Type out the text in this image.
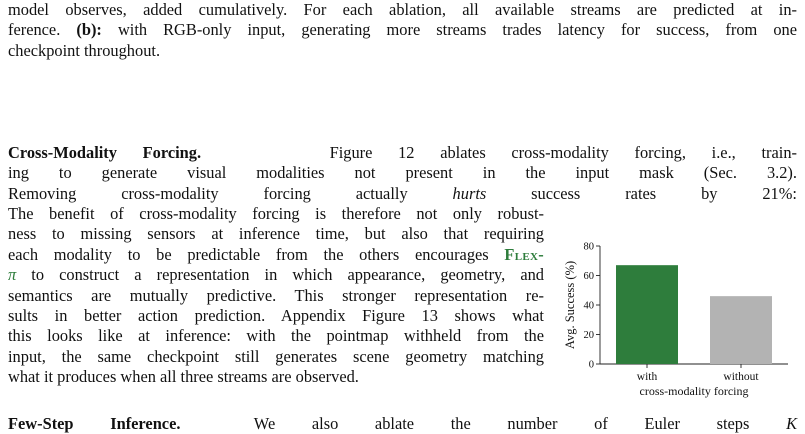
model observes, added cumulatively. For each ablation, all available streams are predicted at in-
ference. (b): with RGB-only input, generating more streams trades latency for success, from one
checkpoint throughout.
Cross-Modality Forcing.	Figure 12 ablates cross-modality forcing, i.e., train-
ing to generate visual modalities not present in the input mask (Sec. 3.2).
Removing cross-modality forcing actually	hurts	success rates by 21%:
The benefit of cross-modality forcing is therefore not only robust-
ness to missing sensors at inference time, but also that requiring
each modality to be predictable from the others encourages Flex-
π to construct a representation in which appearance, geometry, and
semantics are mutually predictive. This stronger representation re-
sults in better action prediction. Appendix Figure 13 shows what
this looks like at inference: with the pointmap withheld from the
input, the same checkpoint still generates scene geometry matching
what it produces when all three streams are observed.
Few-Step Inference.	We also ablate the number of Euler steps K
0
20
40
60
80
Avg. Success (%)
with	without
cross-modality forcing
